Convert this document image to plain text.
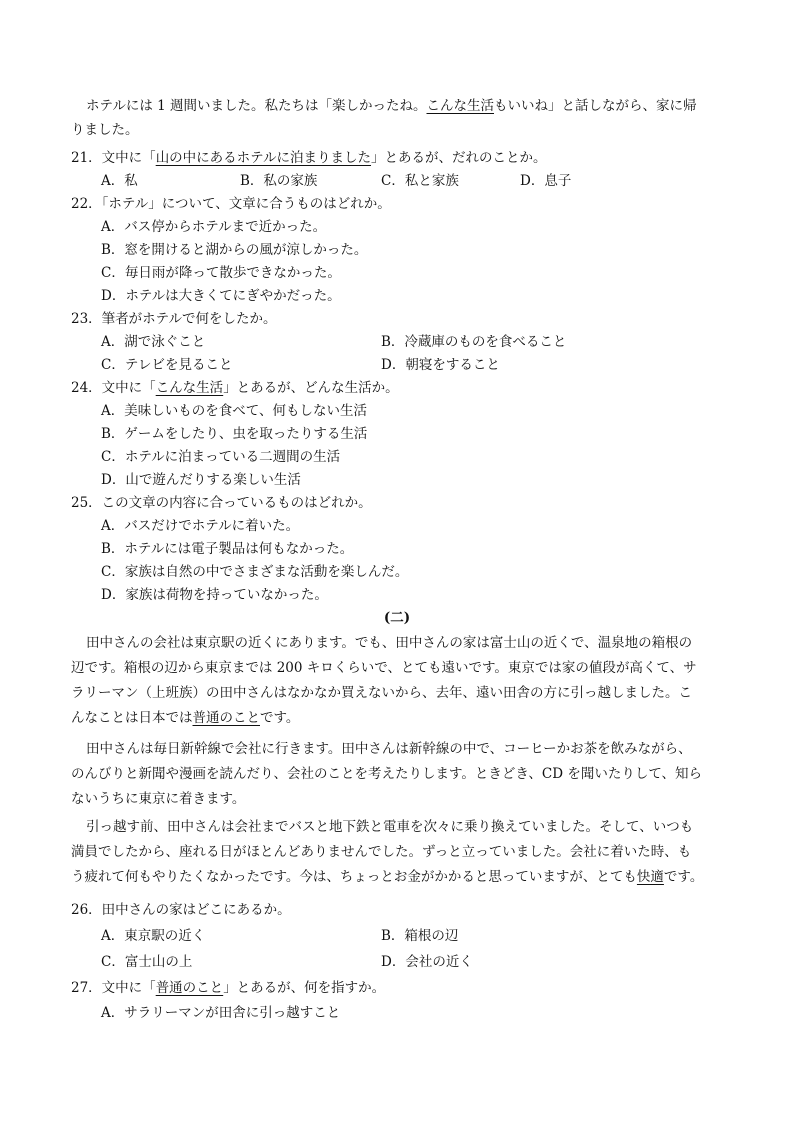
ホテルには 1 週間いました。私たちは「楽しかったね。こんな生活もいいね」と話しながら、家に帰
りました。
21．文中に「山の中にあるホテルに泊まりました」とあるが、だれのことか。
A．私	B．私の家族	C．私と家族	D．息子
22．「ホテル」について、文章に合うものはどれか。
A．バス停からホテルまで近かった。
B．窓を開けると湖からの風が涼しかった。
C．毎日雨が降って散歩できなかった。
D．ホテルは大きくてにぎやかだった。
23．筆者がホテルで何をしたか。
A．湖で泳ぐこと	B．冷蔵庫のものを食べること
C．テレビを見ること	D．朝寝をすること
24．文中に「こんな生活」とあるが、どんな生活か。
A．美味しいものを食べて、何もしない生活
B．ゲームをしたり、虫を取ったりする生活
C．ホテルに泊まっている二週間の生活
D．山で遊んだりする楽しい生活
25．この文章の内容に合っているものはどれか。
A．バスだけでホテルに着いた。
B．ホテルには電子製品は何もなかった。
C．家族は自然の中でさまざまな活動を楽しんだ。
D．家族は荷物を持っていなかった。
(二)
田中さんの会社は東京駅の近くにあります。でも、田中さんの家は富士山の近くで、温泉地の箱根の
辺です。箱根の辺から東京までは 200 キロくらいで、とても遠いです。東京では家の値段が高くて、サ
ラリーマン（上班族）の田中さんはなかなか買えないから、去年、遠い田舎の方に引っ越しました。こ
んなことは日本では普通のことです。
田中さんは毎日新幹線で会社に行きます。田中さんは新幹線の中で、コーヒーかお茶を飲みながら、
のんびりと新聞や漫画を読んだり、会社のことを考えたりします。ときどき、CD を聞いたりして、知ら
ないうちに東京に着きます。
引っ越す前、田中さんは会社までバスと地下鉄と電車を次々に乗り換えていました。そして、いつも
満員でしたから、座れる日がほとんどありませんでした。ずっと立っていました。会社に着いた時、も
う疲れて何もやりたくなかったです。今は、ちょっとお金がかかると思っていますが、とても快適です。
26．田中さんの家はどこにあるか。
A．東京駅の近く	B．箱根の辺
C．富士山の上	D．会社の近く
27．文中に「普通のこと」とあるが、何を指すか。
A．サラリーマンが田舎に引っ越すこと
